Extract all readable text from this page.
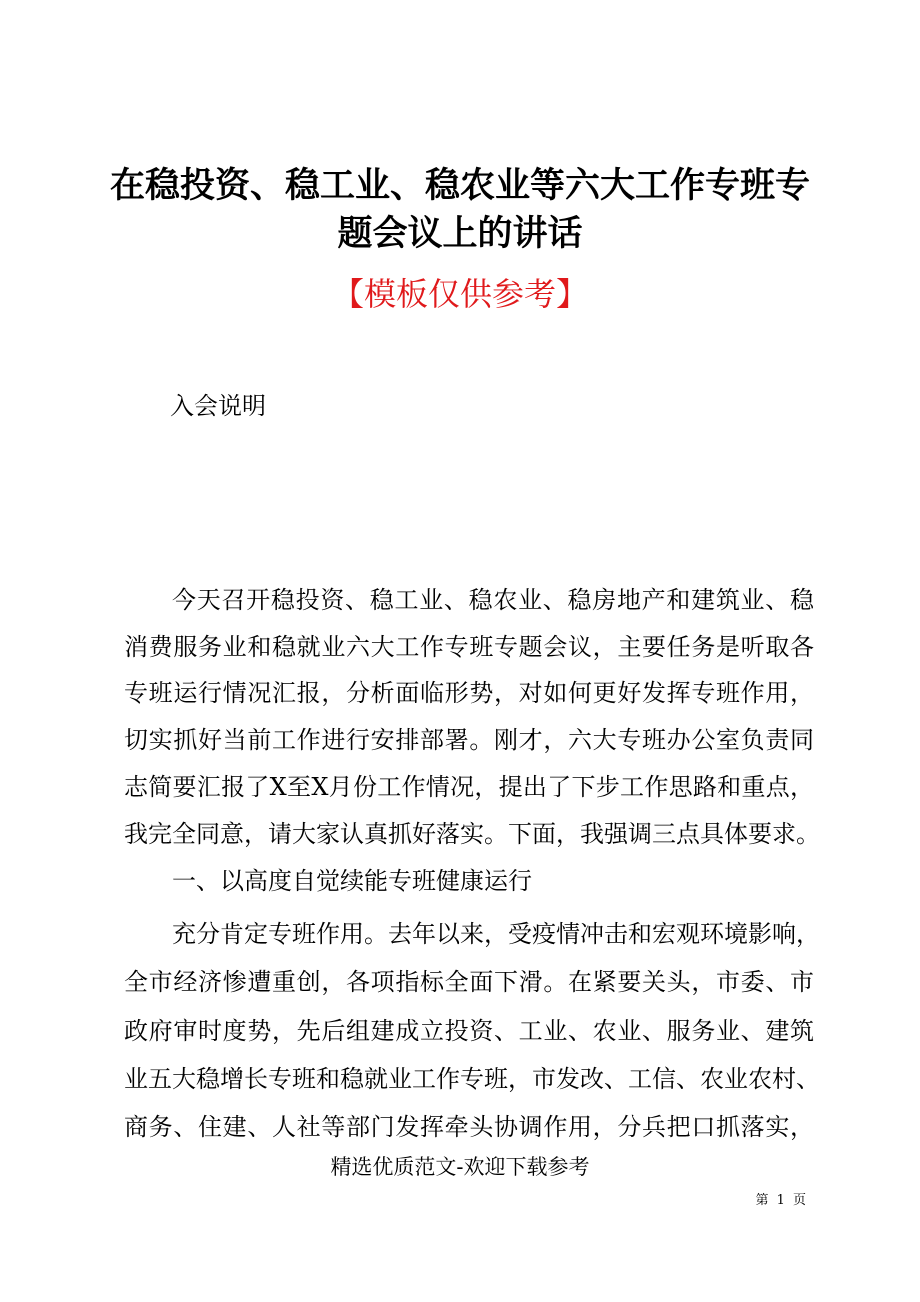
在稳投资、稳工业、稳农业等六大工作专班专
题会议上的讲话
【模板仅供参考】
入会说明
今天召开稳投资、稳工业、稳农业、稳房地产和建筑业、稳
消费服务业和稳就业六大工作专班专题会议，主要任务是听取各
专班运行情况汇报，分析面临形势，对如何更好发挥专班作用，
切实抓好当前工作进行安排部署。刚才，六大专班办公室负责同
志简要汇报了X至X月份工作情况，提出了下步工作思路和重点，
我完全同意，请大家认真抓好落实。下面，我强调三点具体要求。
一、以高度自觉续能专班健康运行
充分肯定专班作用。去年以来，受疫情冲击和宏观环境影响，
全市经济惨遭重创，各项指标全面下滑。在紧要关头，市委、市
政府审时度势，先后组建成立投资、工业、农业、服务业、建筑
业五大稳增长专班和稳就业工作专班，市发改、工信、农业农村、
商务、住建、人社等部门发挥牵头协调作用，分兵把口抓落实，
精选优质范文-欢迎下载参考
第 1 页
